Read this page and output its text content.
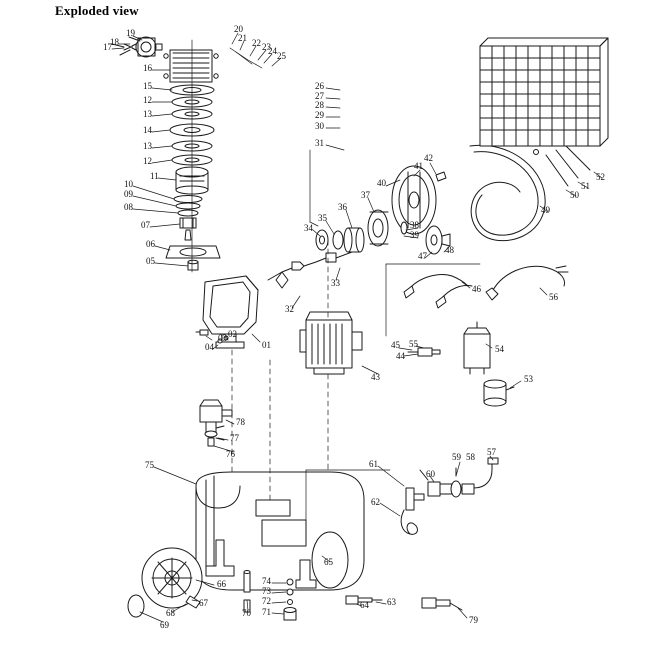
Exploded view
19
18
17
20
21 22 23
24 25
16
15
12
13
14
13
12
11
10
09
08
07
06
05
26
27
28
29
30
31
41
42
40
37
36
35
34	38
39
47
48
52
51
50
49
46
56
33
32
03 02
04	01	45 55
44
43
54
53
78
77
76
75	61
60
59 58 57
62
65
66
67
68
69
70
74
73
72
71
64 63
79
